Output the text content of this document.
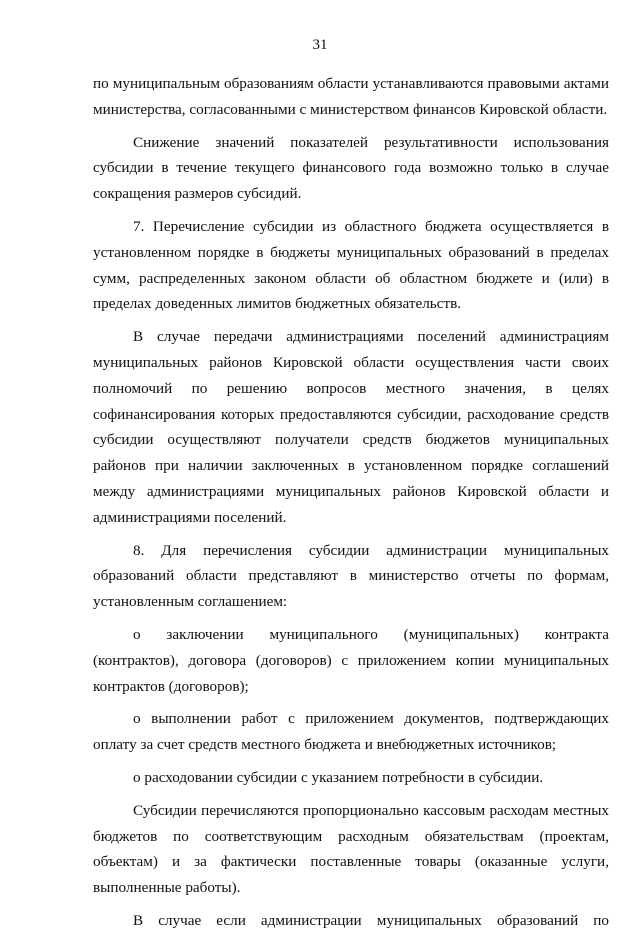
31

по муниципальным образованиям области устанавливаются правовыми актами министерства, согласованными с министерством финансов Кировской области.

Снижение значений показателей результативности использования субсидии в течение текущего финансового года возможно только в случае сокращения размеров субсидий.

7. Перечисление субсидии из областного бюджета осуществляется в установленном порядке в бюджеты муниципальных образований в пределах сумм, распределенных законом области об областном бюджете и (или) в пределах доведенных лимитов бюджетных обязательств.

В случае передачи администрациями поселений администрациям муниципальных районов Кировской области осуществления части своих полномочий по решению вопросов местного значения, в целях софинансирования которых предоставляются субсидии, расходование средств субсидии осуществляют получатели средств бюджетов муниципальных районов при наличии заключенных в установленном порядке соглашений между администрациями муниципальных районов Кировской области и администрациями поселений.

8. Для перечисления субсидии администрации муниципальных образований области представляют в министерство отчеты по формам, установленным соглашением:

о заключении муниципального (муниципальных) контракта (контрактов), договора (договоров) с приложением копии муниципальных контрактов (договоров);

о выполнении работ с приложением документов, подтверждающих оплату за счет средств местного бюджета и внебюджетных источников;

о расходовании субсидии с указанием потребности в субсидии.

Субсидии перечисляются пропорционально кассовым расходам местных бюджетов по соответствующим расходным обязательствам (проектам, объектам) и за фактически поставленные товары (оказанные услуги, выполненные работы).

В случае если администрации муниципальных образований по
